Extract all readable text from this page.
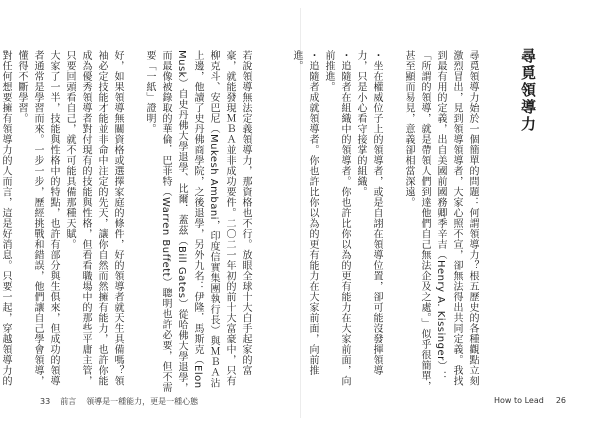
尋覓領導力

尋覓領導力始於一個簡單的問題：何謂領導力？根五歷史的各種觀點立刻激烈冒出，見到領導領導者，大家心照不宣，卻無法得出共同定義。我找到最有用的定義，出自美國前國務卿季辛吉（Henry A. Kissinger）：「所謂的領導，就是帶領人們到達他們自己無法企及之處。」似乎很簡單，甚至顯而易見，意義卻相當深遠。

・坐在權威位子上的領導者，或是自詡在領導位置，卻可能沒發揮領導力，只是小心看守接掌的組織。

・追隨者在組織中的領導者。你也許比你以為的更有能力在大家前面，向前推進。

・追隨者成就領導者。你也許比你以為的更有能力在大家前面，向前推進。

若說領導無法定義領導力，那資格也不行。放眼全球十大白手起家的富豪，就能發現ＭＢＡ並非成功要件。二〇二一年初的前十大富豪中，只有柳克斗、安巴尼（Mukesh Ambani，印度信實集團執行長）與ＭＢＡ沾上邊，他讀了史丹佛商學院，之後退學，另外九名：伊隆．馬斯克（Elon Musk）自史丹佛大學退學、比爾．蓋茲（Bill Gates）從哈佛大學退學，而最像被錄取的華倫．巴菲特（Warren Buffett）聰明也許必要，但不需要「一紙」證明。

好，如果領導無關資格或選擇家庭的條件，好的領導者就天生具備嗎？領袖必定技能才能並非命中注定的先天，讓你自然而然擁有能力，也許你能成為優秀領導者對付現有的技能與性格，但看看職場中的那些平庸主管，只要回頭看自己，就不可能具備那種天賦。

大家了一半，技能與性格中的特點，也許有部分與生俱來，但成功的領導者通常是學習而來。一步一步，歷經挑戰和錯誤，他們讓自己學會領導，懂得不斷學習。

對任何想要擁有領導力的人而言，這是好消息。只要一起，穿越領導力的

33 前言 領導是一種能力，更是一種心態	How to Lead 26
